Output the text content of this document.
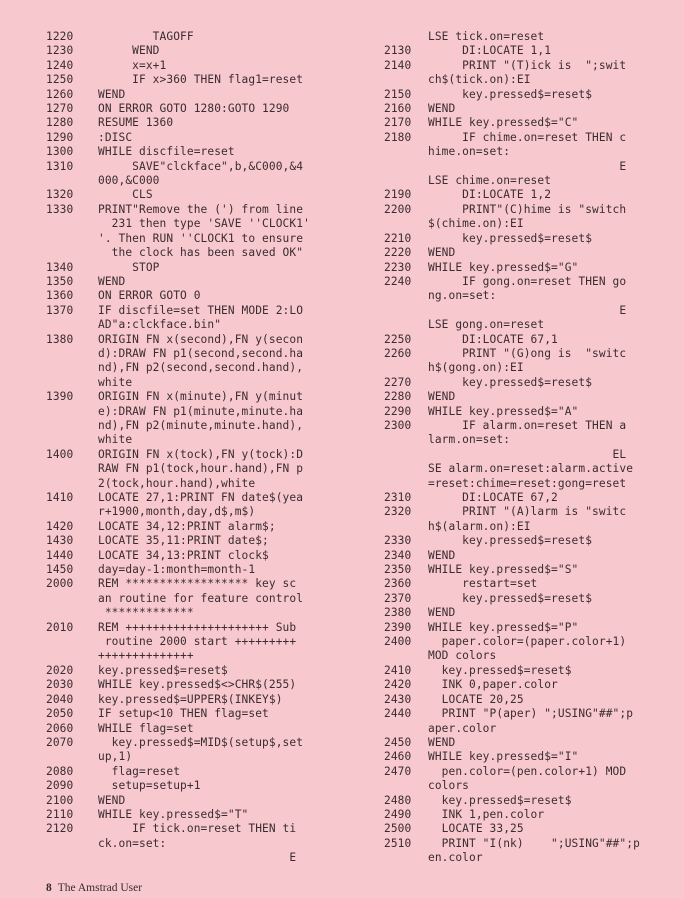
1220	TAGOFF
1230	WEND
1240	x=x+1
1250	IF x>360 THEN flag1=reset
1260	WEND
1270	ON ERROR GOTO 1280:GOTO 1290
1280	RESUME 1360
1290	:DISC
1300	WHILE discfile=reset
1310	SAVE"clckface",b,&C000,&4
000,&C000
1320	CLS
1330	PRINT"Remove the (') from line
231 then type 'SAVE ''CLOCK1'
'. Then RUN ''CLOCK1 to ensure
the clock has been saved OK"
1340	STOP
1350	WEND
1360	ON ERROR GOTO 0
1370	IF discfile=set THEN MODE 2:LO
AD"a:clckface.bin"
1380	ORIGIN FN x(second),FN y(secon
d):DRAW FN p1(second,second.ha
nd),FN p2(second,second.hand),
white
1390	ORIGIN FN x(minute),FN y(minut
e):DRAW FN p1(minute,minute.ha
nd),FN p2(minute,minute.hand),
white
1400	ORIGIN FN x(tock),FN y(tock):D
RAW FN p1(tock,hour.hand),FN p
2(tock,hour.hand),white
1410	LOCATE 27,1:PRINT FN date$(yea
r+1900,month,day,d$,m$)
1420	LOCATE 34,12:PRINT alarm$;
1430	LOCATE 35,11:PRINT date$;
1440	LOCATE 34,13:PRINT clock$
1450	day=day-1:month=month-1
2000	REM ****************** key sc
an routine for feature control
*************
2010	REM +++++++++++++++++++++ Sub
routine 2000 start +++++++++
++++++++++++++
2020	key.pressed$=reset$
2030	WHILE key.pressed$<>CHR$(255)
2040	key.pressed$=UPPER$(INKEY$)
2050	IF setup<10 THEN flag=set
2060	WHILE flag=set
2070	key.pressed$=MID$(setup$,set
up,1)
2080	flag=reset
2090	setup=setup+1
2100	WEND
2110	WHILE key.pressed$="T"
2120	IF tick.on=reset THEN ti
ck.on=set:
E
LSE tick.on=reset
2130	DI:LOCATE 1,1
2140	PRINT "(T)ick is  ";swit
ch$(tick.on):EI
2150	key.pressed$=reset$
2160	WEND
2170	WHILE key.pressed$="C"
2180	IF chime.on=reset THEN c
hime.on=set:
E
LSE chime.on=reset
2190	DI:LOCATE 1,2
2200	PRINT"(C)hime is "switch
$(chime.on):EI
2210	key.pressed$=reset$
2220	WEND
2230	WHILE key.pressed$="G"
2240	IF gong.on=reset THEN go
ng.on=set:
E
LSE gong.on=reset
2250	DI:LOCATE 67,1
2260	PRINT "(G)ong is  "switc
h$(gong.on):EI
2270	key.pressed$=reset$
2280	WEND
2290	WHILE key.pressed$="A"
2300	IF alarm.on=reset THEN a
larm.on=set:
EL
SE alarm.on=reset:alarm.active
=reset:chime=reset:gong=reset
2310	DI:LOCATE 67,2
2320	PRINT "(A)larm is "switc
h$(alarm.on):EI
2330	key.pressed$=reset$
2340	WEND
2350	WHILE key.pressed$="S"
2360	restart=set
2370	key.pressed$=reset$
2380	WEND
2390	WHILE key.pressed$="P"
2400	paper.color=(paper.color+1)
MOD colors
2410	key.pressed$=reset$
2420	INK 0,paper.color
2430	LOCATE 20,25
2440	PRINT "P(aper) ";USING"##";p
aper.color
2450	WEND
2460	WHILE key.pressed$="I"
2470	pen.color=(pen.color+1) MOD
colors
2480	key.pressed$=reset$
2490	INK 1,pen.color
2500	LOCATE 33,25
2510	PRINT "I(nk)    ";USING"##";p
en.color
8 The Amstrad User
